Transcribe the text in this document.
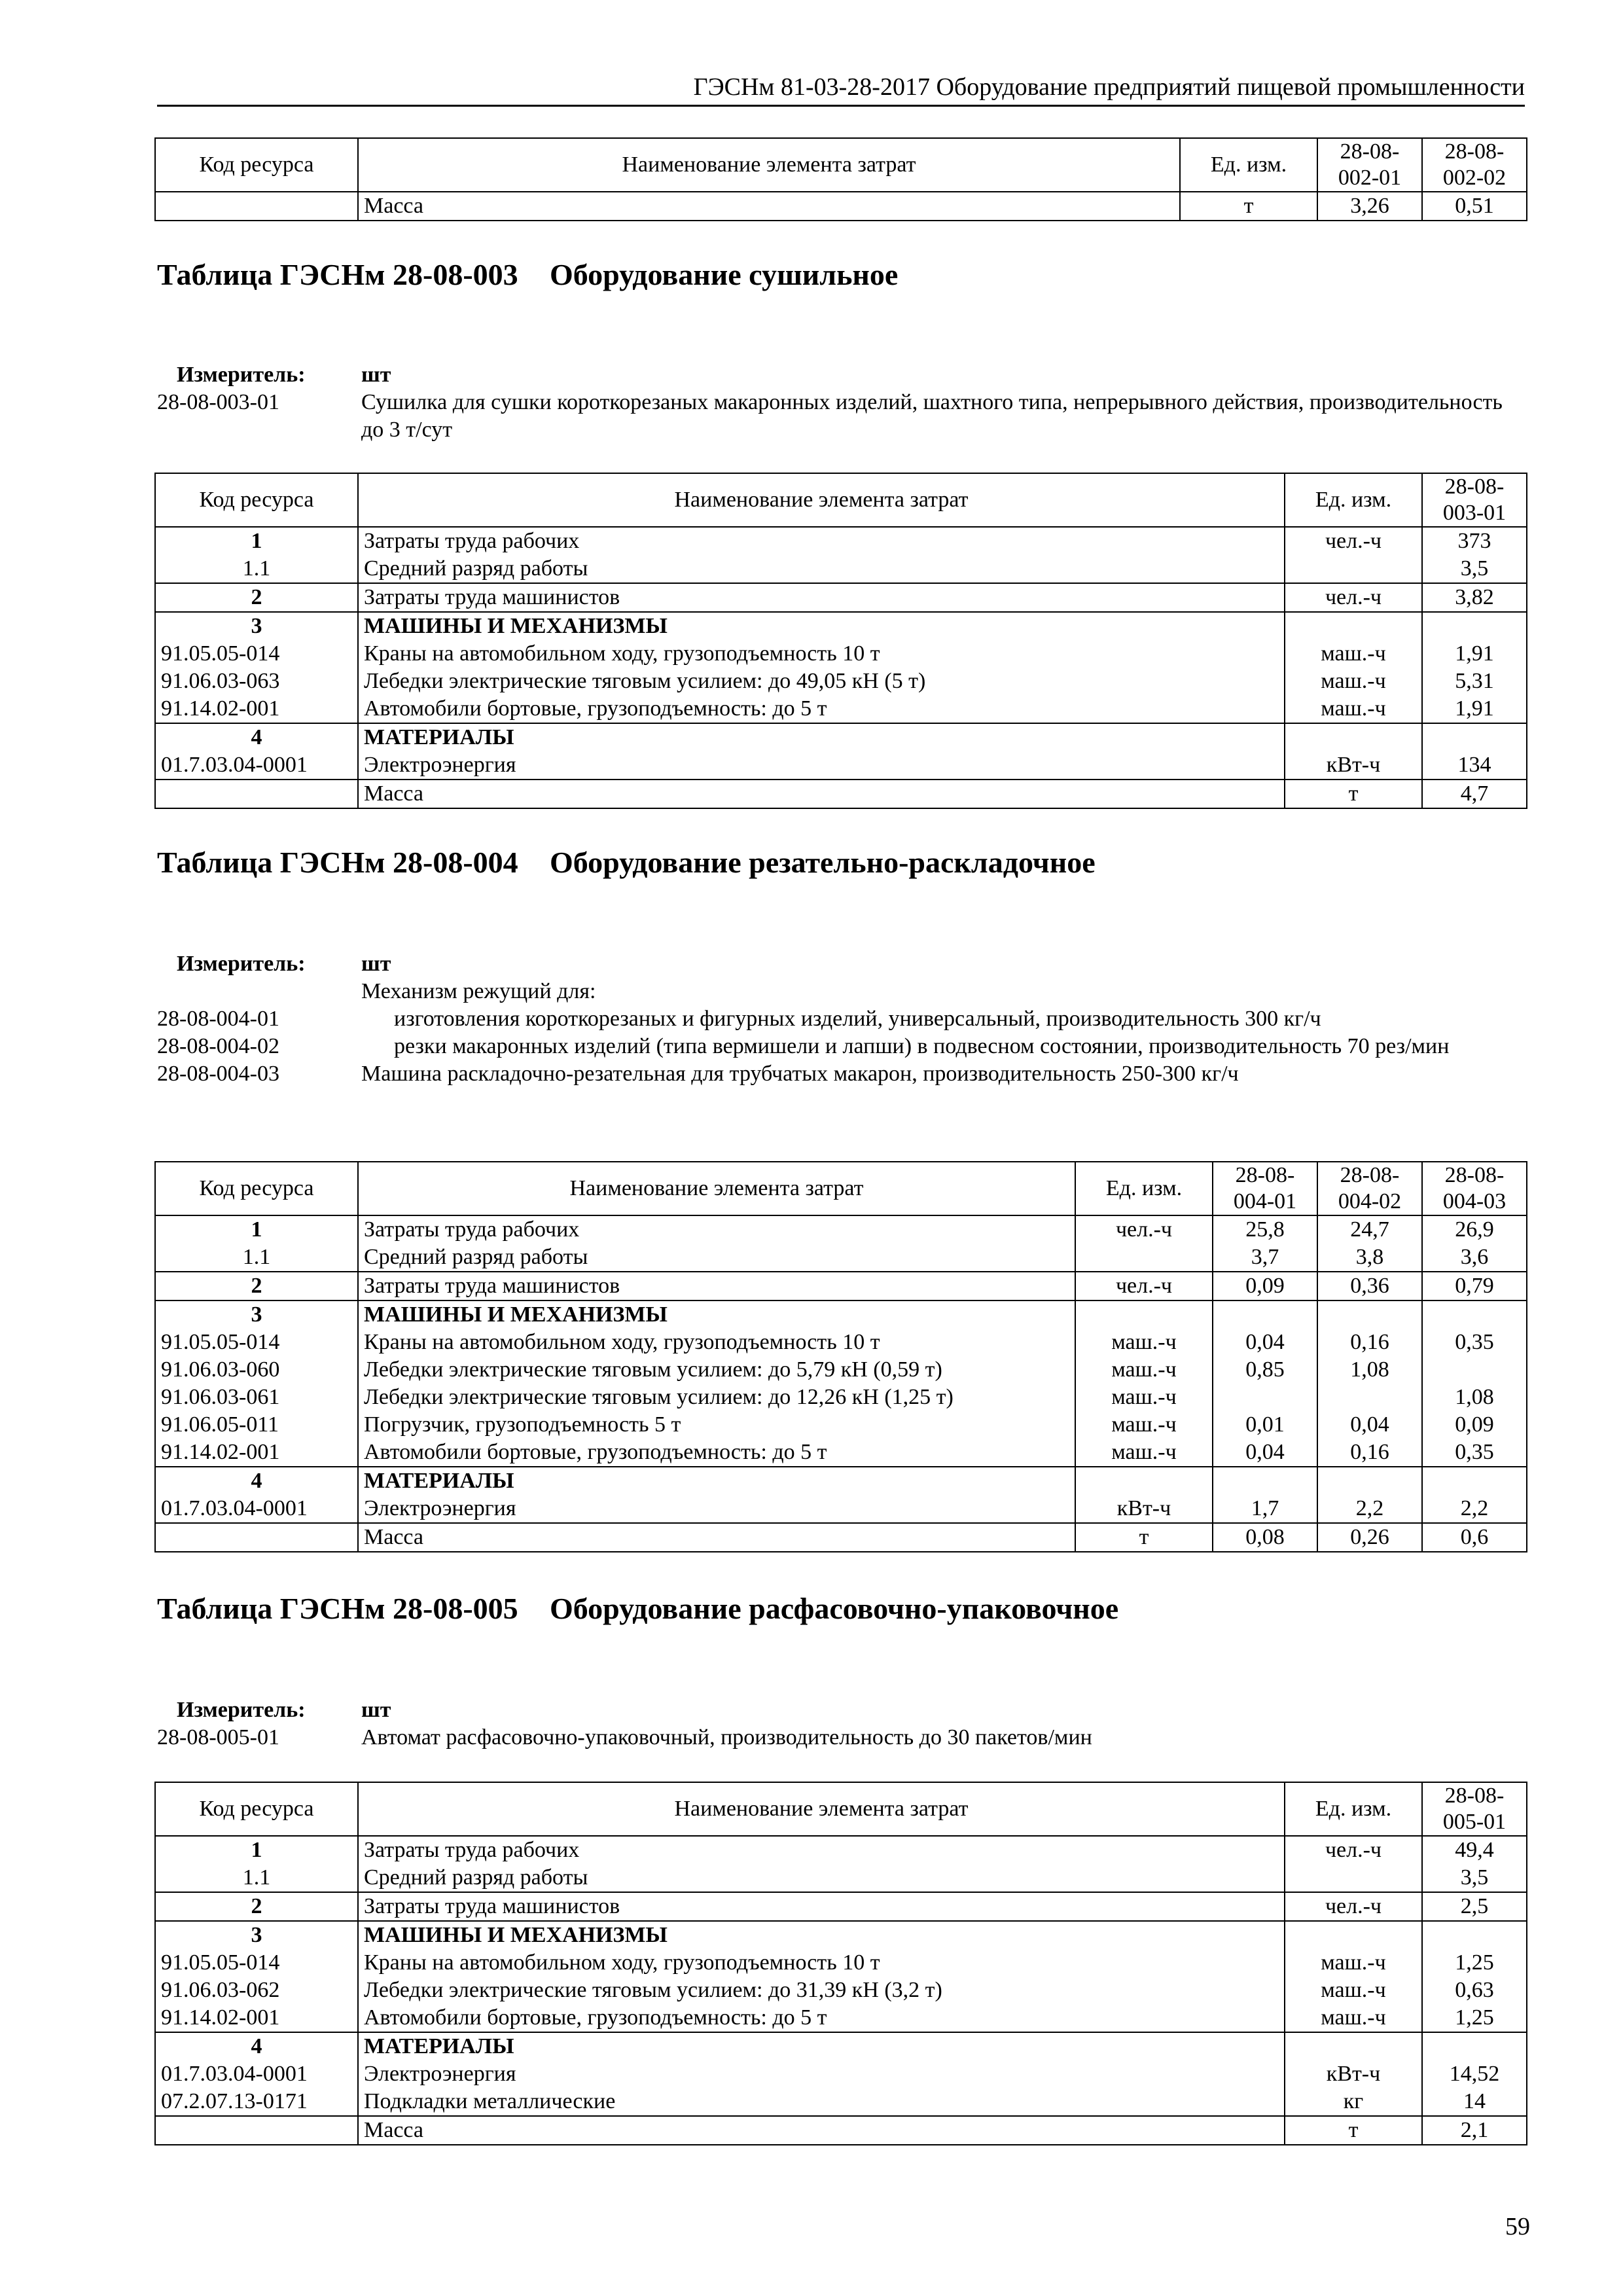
ГЭСНм 81-03-28-2017 Оборудование предприятий пищевой промышленности
Код ресурса	Наименование элемента затрат	Ед. изм.	28-08-002-01	28-08-002-02
	Масса	т	3,26	0,51
Таблица ГЭСНм 28-08-003 Оборудование сушильное
Измеритель:	шт
28-08-003-01	Сушилка для сушки короткорезаных макаронных изделий, шахтного типа, непрерывного действия, производительность до 3 т/сут
Код ресурса	Наименование элемента затрат	Ед. изм.	28-08-003-01
1	Затраты труда рабочих	чел.-ч	373
1.1	Средний разряд работы		3,5
2	Затраты труда машинистов	чел.-ч	3,82
3	МАШИНЫ И МЕХАНИЗМЫ		
91.05.05-014	Краны на автомобильном ходу, грузоподъемность 10 т	маш.-ч	1,91
91.06.03-063	Лебедки электрические тяговым усилием: до 49,05 кН (5 т)	маш.-ч	5,31
91.14.02-001	Автомобили бортовые, грузоподъемность: до 5 т	маш.-ч	1,91
4	МАТЕРИАЛЫ		
01.7.03.04-0001	Электроэнергия	кВт-ч	134
	Масса	т	4,7
Таблица ГЭСНм 28-08-004 Оборудование резательно-раскладочное
Измеритель:	шт
Механизм режущий для:
28-08-004-01	изготовления короткорезаных и фигурных изделий, универсальный, производительность 300 кг/ч
28-08-004-02	резки макаронных изделий (типа вермишели и лапши) в подвесном состоянии, производительность 70 рез/мин
28-08-004-03	Машина раскладочно-резательная для трубчатых макарон, производительность 250-300 кг/ч
Код ресурса	Наименование элемента затрат	Ед. изм.	28-08-004-01	28-08-004-02	28-08-004-03
1	Затраты труда рабочих	чел.-ч	25,8	24,7	26,9
1.1	Средний разряд работы		3,7	3,8	3,6
2	Затраты труда машинистов	чел.-ч	0,09	0,36	0,79
3	МАШИНЫ И МЕХАНИЗМЫ				
91.05.05-014	Краны на автомобильном ходу, грузоподъемность 10 т	маш.-ч	0,04	0,16	0,35
91.06.03-060	Лебедки электрические тяговым усилием: до 5,79 кН (0,59 т)	маш.-ч	0,85	1,08	
91.06.03-061	Лебедки электрические тяговым усилием: до 12,26 кН (1,25 т)	маш.-ч			1,08
91.06.05-011	Погрузчик, грузоподъемность 5 т	маш.-ч	0,01	0,04	0,09
91.14.02-001	Автомобили бортовые, грузоподъемность: до 5 т	маш.-ч	0,04	0,16	0,35
4	МАТЕРИАЛЫ				
01.7.03.04-0001	Электроэнергия	кВт-ч	1,7	2,2	2,2
	Масса	т	0,08	0,26	0,6
Таблица ГЭСНм 28-08-005 Оборудование расфасовочно-упаковочное
Измеритель:	шт
28-08-005-01	Автомат расфасовочно-упаковочный, производительность до 30 пакетов/мин
Код ресурса	Наименование элемента затрат	Ед. изм.	28-08-005-01
1	Затраты труда рабочих	чел.-ч	49,4
1.1	Средний разряд работы		3,5
2	Затраты труда машинистов	чел.-ч	2,5
3	МАШИНЫ И МЕХАНИЗМЫ		
91.05.05-014	Краны на автомобильном ходу, грузоподъемность 10 т	маш.-ч	1,25
91.06.03-062	Лебедки электрические тяговым усилием: до 31,39 кН (3,2 т)	маш.-ч	0,63
91.14.02-001	Автомобили бортовые, грузоподъемность: до 5 т	маш.-ч	1,25
4	МАТЕРИАЛЫ		
01.7.03.04-0001	Электроэнергия	кВт-ч	14,52
07.2.07.13-0171	Подкладки металлические	кг	14
	Масса	т	2,1
59
